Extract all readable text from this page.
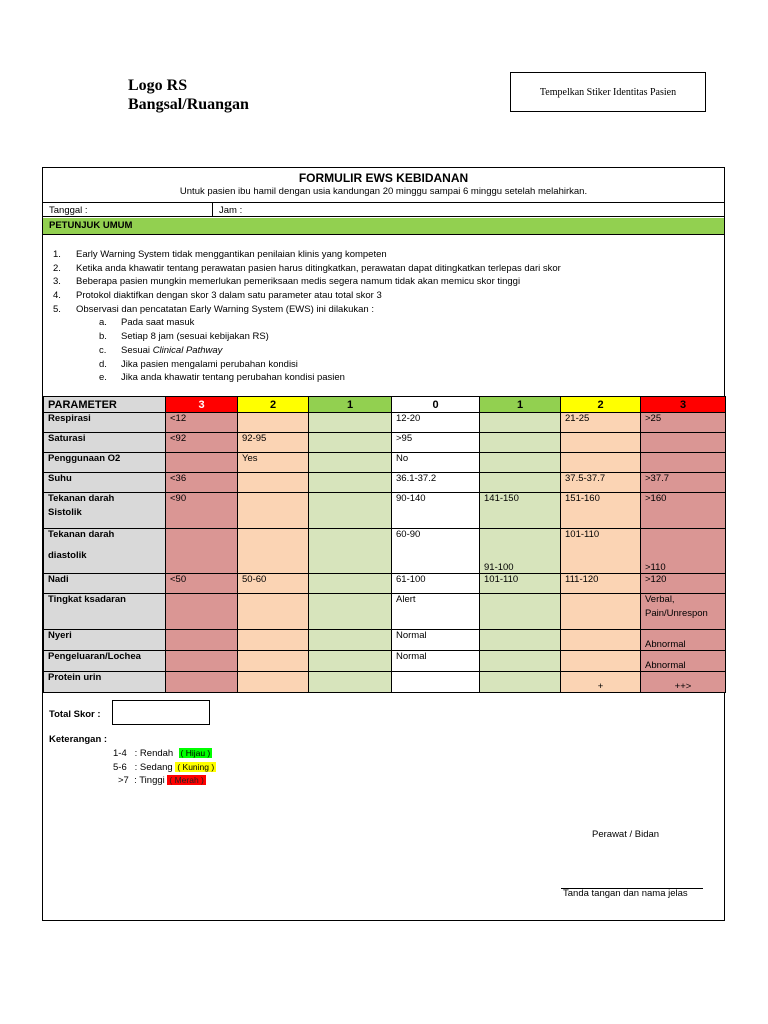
Logo RS
Bangsal/Ruangan
Tempelkan Stiker Identitas Pasien
FORMULIR EWS KEBIDANAN
Untuk pasien ibu hamil dengan usia kandungan 20 minggu sampai 6 minggu setelah melahirkan.
Tanggal :	Jam :
PETUNJUK UMUM
1. Early Warning System tidak menggantikan penilaian klinis yang kompeten
2. Ketika anda khawatir tentang perawatan pasien harus ditingkatkan, perawatan dapat ditingkatkan terlepas dari skor
3. Beberapa pasien mungkin memerlukan pemeriksaan medis segera namum tidak akan memicu skor tinggi
4. Protokol diaktifkan dengan skor 3 dalam satu parameter atau total skor 3
5. Observasi dan pencatatan Early Warning System (EWS) ini dilakukan :
a. Pada saat masuk
b. Setiap 8 jam (sesuai kebijakan RS)
c. Sesuai Clinical Pathway
d. Jika pasien mengalami perubahan kondisi
e. Jika anda khawatir tentang perubahan kondisi pasien
PARAMETER	3	2	1	0	1	2	3

Respirasi	<12			12-20		21-25	>25

Saturasi	<92	92-95		>95			

Penggunaan O2		Yes		No			

Suhu	<36			36.1-37.2		37.5-37.7	>37.7

Tekanan darah
Sistolik	<90			90-140	141-150	151-160	>160

Tekanan darah
diastolik				60-90	91-100	101-110	>110

Nadi	<50	50-60		61-100	101-110	111-120	>120

Tingkat ksadaran				Alert			Verbal,
Pain/Unrespon

Nyeri				Normal			Abnormal

Pengeluaran/Lochea				Normal			Abnormal

Protein urin						+	++>
Total Skor :
Keterangan :
1-4 : Rendah ( Hijau )
5-6 : Sedang ( Kuning )
>7 : Tinggi ( Merah )
Perawat / Bidan
Tanda tangan dan nama jelas
